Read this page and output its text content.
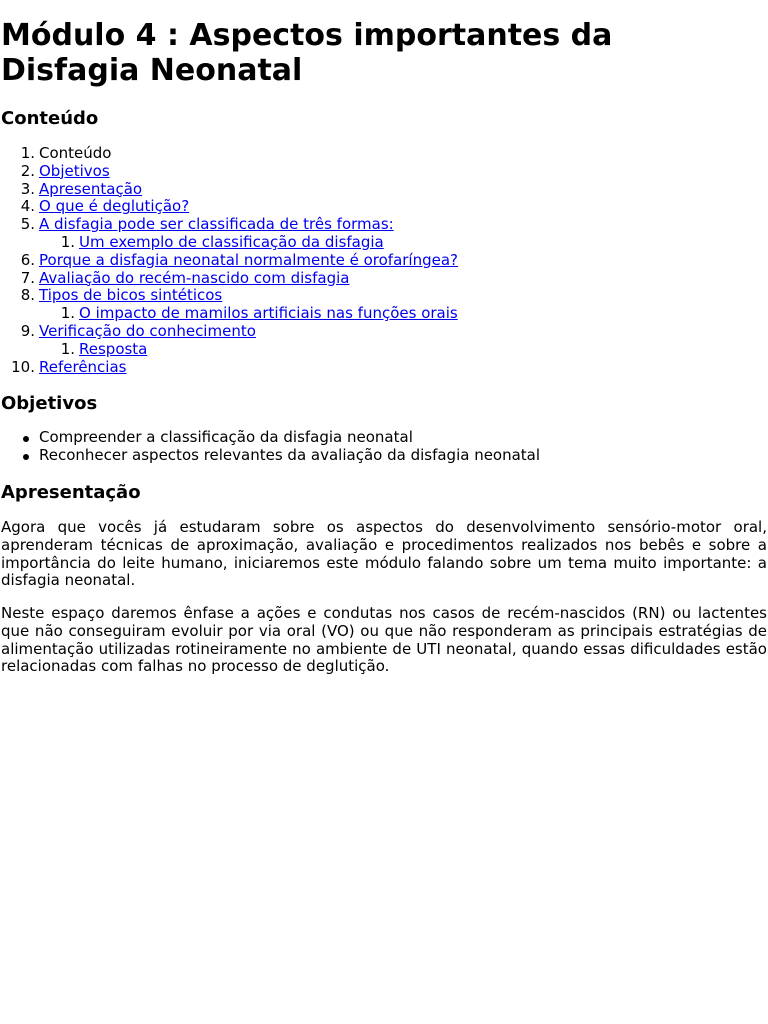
Módulo 4 : Aspectos importantes da Disfagia Neonatal
Conteúdo
1. Conteúdo
2. Objetivos
3. Apresentação
4. O que é deglutição?
5. A disfagia pode ser classificada de três formas:
1. Um exemplo de classificação da disfagia
6. Porque a disfagia neonatal normalmente é orofaríngea?
7. Avaliação do recém-nascido com disfagia
8. Tipos de bicos sintéticos
1. O impacto de mamilos artificiais nas funções orais
9. Verificação do conhecimento
1. Resposta
10. Referências
Objetivos
Compreender a classificação da disfagia neonatal
Reconhecer aspectos relevantes da avaliação da disfagia neonatal
Apresentação

Agora que vocês já estudaram sobre os aspectos do desenvolvimento sensório-motor oral, aprenderam técnicas de aproximação, avaliação e procedimentos realizados nos bebês e sobre a importância do leite humano, iniciaremos este módulo falando sobre um tema muito importante: a disfagia neonatal.

Neste espaço daremos ênfase a ações e condutas nos casos de recém-nascidos (RN) ou lactentes que não conseguiram evoluir por via oral (VO) ou que não responderam as principais estratégias de alimentação utilizadas rotineiramente no ambiente de UTI neonatal, quando essas dificuldades estão relacionadas com falhas no processo de deglutição.
